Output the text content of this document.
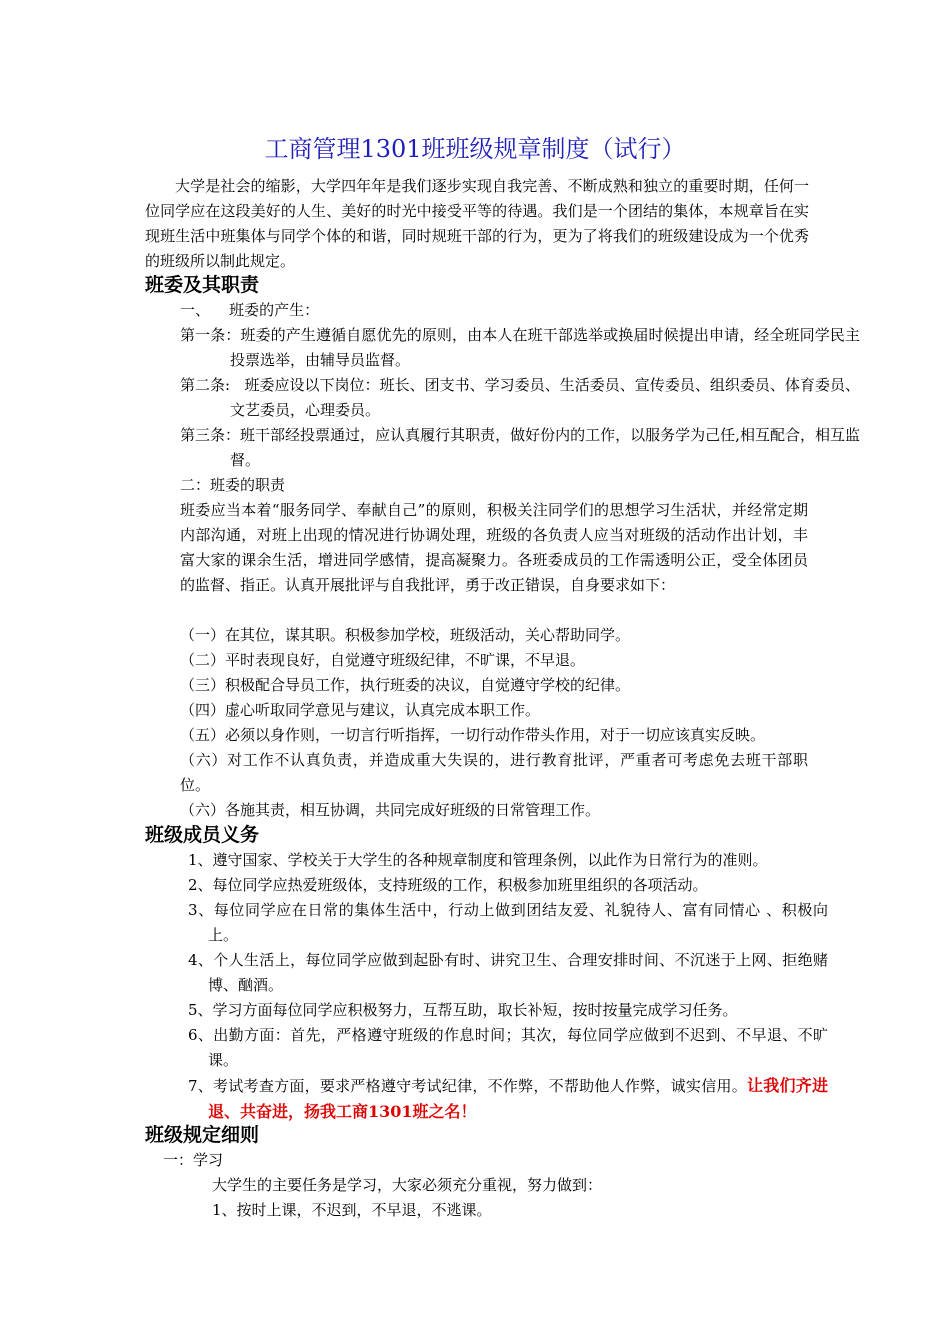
工商管理1301班班级规章制度（试行）
大学是社会的缩影，大学四年年是我们逐步实现自我完善、不断成熟和独立的重要时期，任何一位同学应在这段美好的人生、美好的时光中接受平等的待遇。我们是一个团结的集体，本规章旨在实现班生活中班集体与同学个体的和谐，同时规班干部的行为，更为了将我们的班级建设成为一个优秀的班级所以制此规定。
班委及其职责
一、    班委的产生：
第一条：班委的产生遵循自愿优先的原则，由本人在班干部选举或换届时候提出申请，经全班同学民主投票选举，由辅导员监督。
第二条:   班委应设以下岗位：班长、团支书、学习委员、生活委员、宣传委员、组织委员、体育委员、文艺委员，心理委员。
第三条：班干部经投票通过，应认真履行其职责，做好份内的工作，以服务学为己任,相互配合，相互监督。
二：班委的职责
班委应当本着“服务同学、奉献自己”的原则，积极关注同学们的思想学习生活状，并经常定期内部沟通，对班上出现的情况进行协调处理，班级的各负责人应当对班级的活动作出计划，丰富大家的课余生活，增进同学感情，提高凝聚力。各班委成员的工作需透明公正，受全体团员的监督、指正。认真开展批评与自我批评，勇于改正错误，自身要求如下：
（一）在其位，谋其职。积极参加学校，班级活动，关心帮助同学。
（二）平时表现良好，自觉遵守班级纪律，不旷课，不早退。
（三）积极配合导员工作，执行班委的决议，自觉遵守学校的纪律。
（四）虚心听取同学意见与建议，认真完成本职工作。
（五）必须以身作则，一切言行听指挥，一切行动作带头作用，对于一切应该真实反映。
（六）对工作不认真负责，并造成重大失误的，进行教育批评，严重者可考虑免去班干部职位。
（六）各施其责，相互协调，共同完成好班级的日常管理工作。
班级成员义务
1、遵守国家、学校关于大学生的各种规章制度和管理条例，以此作为日常行为的准则。
2、每位同学应热爱班级体，支持班级的工作，积极参加班里组织的各项活动。
3、每位同学应在日常的集体生活中，行动上做到团结友爱、礼貌待人、富有同情心 、积极向上。
4、个人生活上，每位同学应做到起卧有时、讲究卫生、合理安排时间、不沉迷于上网、拒绝赌博、酗酒。
5、学习方面每位同学应积极努力，互帮互助，取长补短，按时按量完成学习任务。
6、出勤方面：首先，严格遵守班级的作息时间；其次，每位同学应做到不迟到、不早退、不旷课。
7、考试考查方面，要求严格遵守考试纪律，不作弊，不帮助他人作弊，诚实信用。让我们齐进退、共奋进，扬我工商1301班之名！
班级规定细则
一：学习
大学生的主要任务是学习，大家必须充分重视，努力做到：
1、按时上课，不迟到，不早退，不逃课。
